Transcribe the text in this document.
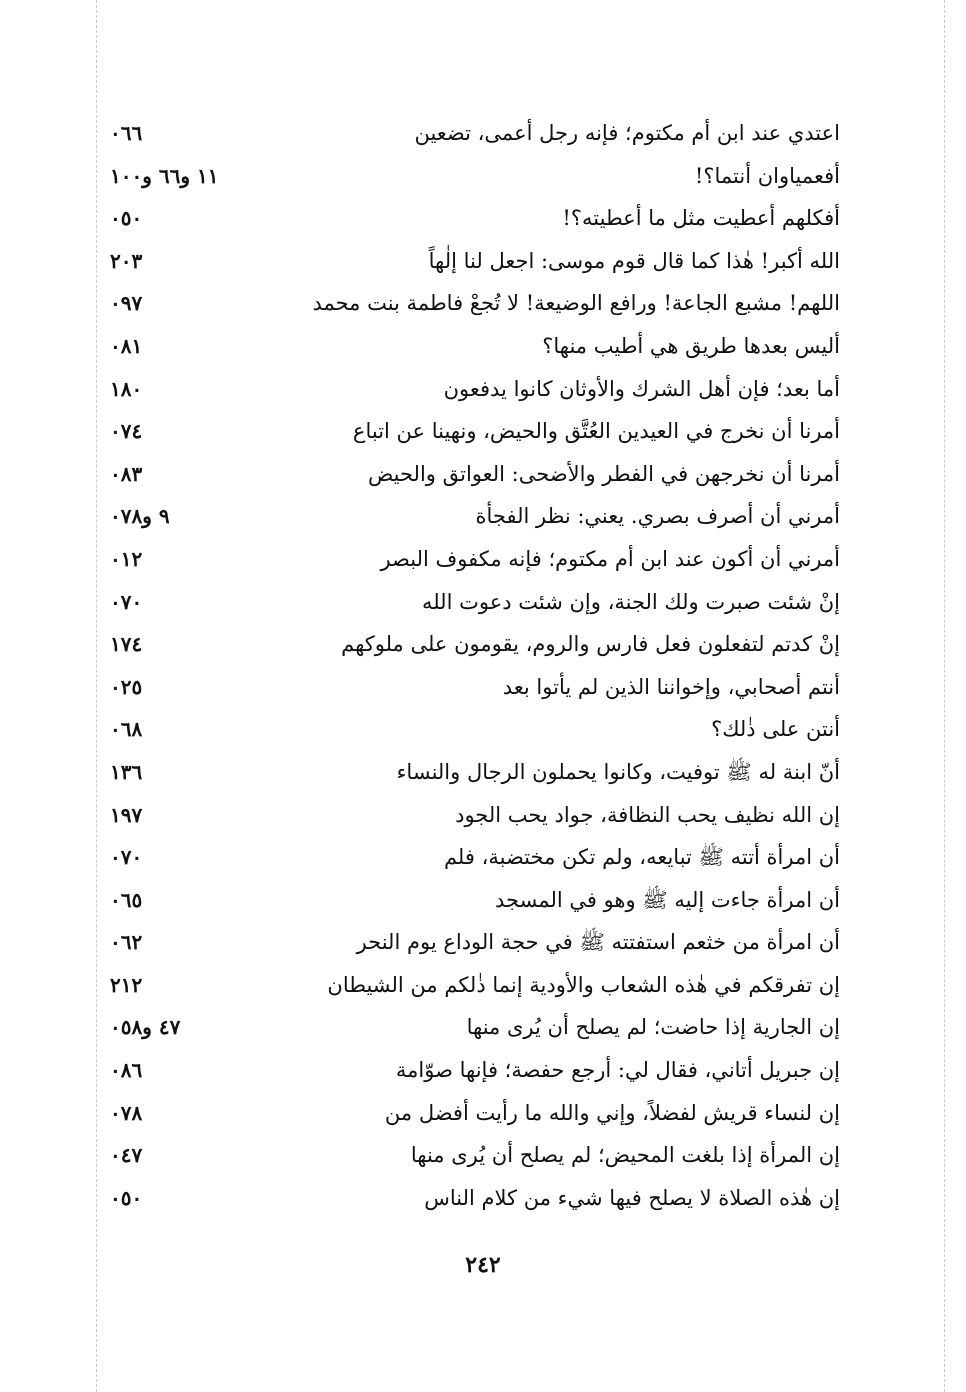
اعتدي عند ابن أم مكتوم؛ فإنه رجل أعمى، تضعين
٠٦٦
أفعمياوان أنتما؟!
١١ و٦٦ و١٠٠
أفكلهم أعطيت مثل ما أعطيته؟!
٠٥٠
الله أكبر! هٰذا كما قال قوم موسى: اجعل لنا إلٰهاً
٢٠٣
اللهم! مشبع الجاعة! ورافع الوضيعة! لا تُجعْ فاطمة بنت محمد
٠٩٧
أليس بعدها طريق هي أطيب منها؟
٠٨١
أما بعد؛ فإن أهل الشرك والأوثان كانوا يدفعون
١٨٠
أمرنا أن نخرج في العيدين العُتَّق والحيض، ونهينا عن اتباع
٠٧٤
أمرنا أن نخرجهن في الفطر والأضحى: العواتق والحيض
٠٨٣
أمرني أن أصرف بصري. يعني: نظر الفجأة
٩ و٠٧٨
أمرني أن أكون عند ابن أم مكتوم؛ فإنه مكفوف البصر
٠١٢
إنْ شئت صبرت ولك الجنة، وإن شئت دعوت الله
٠٧٠
إنْ كدتم لتفعلون فعل فارس والروم، يقومون على ملوكهم
١٧٤
أنتم أصحابي، وإخواننا الذين لم يأتوا بعد
٠٢٥
أنتن على ذٰلك؟
٠٦٨
أنّ ابنة له ﷺ توفيت، وكانوا يحملون الرجال والنساء
١٣٦
إن الله نظيف يحب النظافة، جواد يحب الجود
١٩٧
أن امرأة أتته ﷺ تبايعه، ولم تكن مختضبة، فلم
٠٧٠
أن امرأة جاءت إليه ﷺ وهو في المسجد
٠٦٥
أن امرأة من خثعم استفتته ﷺ في حجة الوداع يوم النحر
٠٦٢
إن تفرقكم في هٰذه الشعاب والأودية إنما ذٰلكم من الشيطان
٢١٢
إن الجارية إذا حاضت؛ لم يصلح أن يُرى منها
٤٧ و٠٥٨
إن جبريل أتاني، فقال لي: أرجع حفصة؛ فإنها صوّامة
٠٨٦
إن لنساء قريش لفضلاً، وإني والله ما رأيت أفضل من
٠٧٨
إن المرأة إذا بلغت المحيض؛ لم يصلح أن يُرى منها
٠٤٧
إن هٰذه الصلاة لا يصلح فيها شيء من كلام الناس
٠٥٠
٢٤٢
